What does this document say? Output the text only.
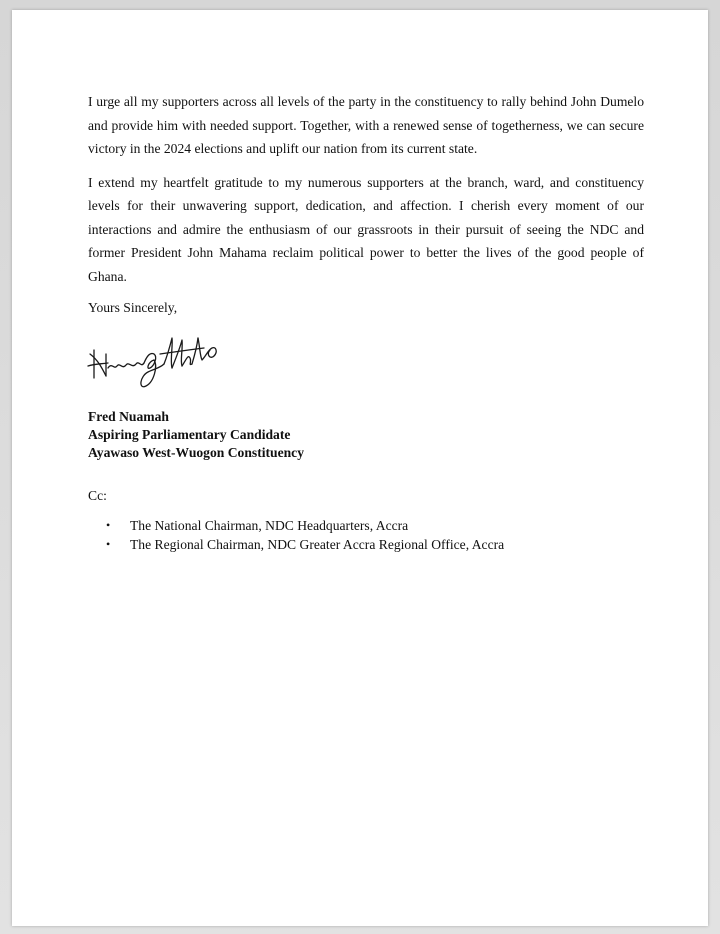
I urge all my supporters across all levels of the party in the constituency to rally behind John Dumelo and provide him with needed support. Together, with a renewed sense of togetherness, we can secure victory in the 2024 elections and uplift our nation from its current state.

I extend my heartfelt gratitude to my numerous supporters at the branch, ward, and constituency levels for their unwavering support, dedication, and affection. I cherish every moment of our interactions and admire the enthusiasm of our grassroots in their pursuit of seeing the NDC and former President John Mahama reclaim political power to better the lives of the good people of Ghana.

Yours Sincerely,
Fred Nuamah
Aspiring Parliamentary Candidate
Ayawaso West-Wuogon Constituency
Cc:
• The National Chairman, NDC Headquarters, Accra
• The Regional Chairman, NDC Greater Accra Regional Office, Accra
